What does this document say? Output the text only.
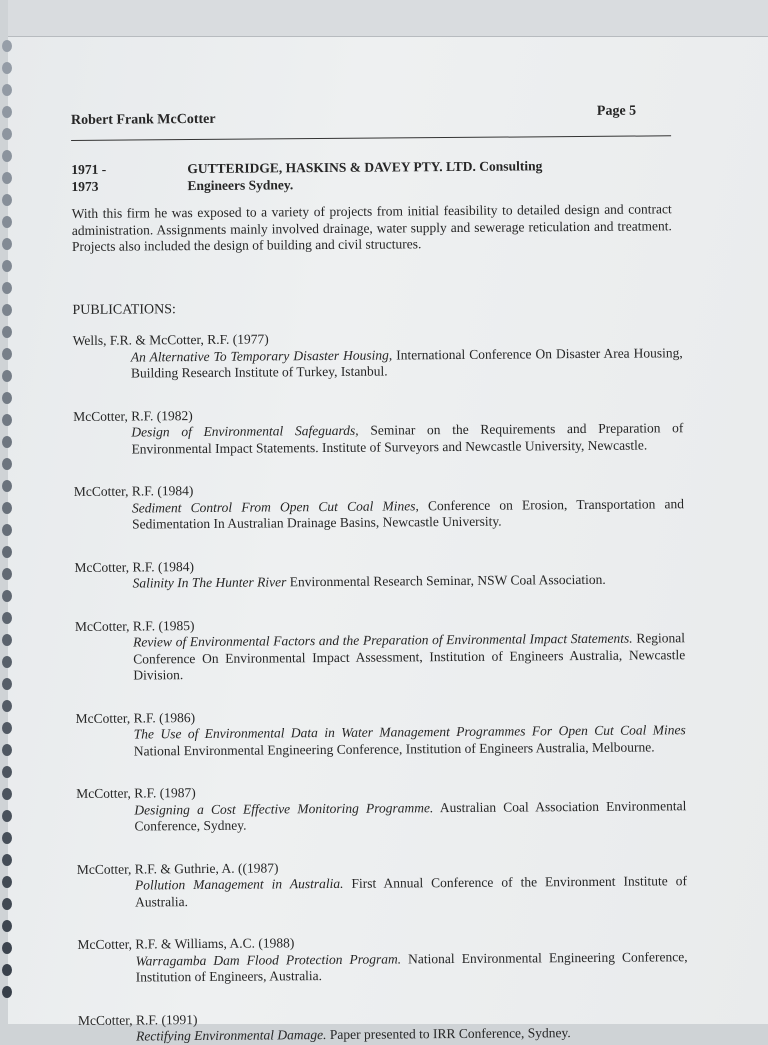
Robert Frank McCotter
Page 5
1971 -
1973
GUTTERIDGE, HASKINS & DAVEY PTY. LTD. Consulting
Engineers Sydney.
With this firm he was exposed to a variety of projects from initial feasibility to detailed design and contract administration. Assignments mainly involved drainage, water supply and sewerage reticulation and treatment. Projects also included the design of building and civil structures.
PUBLICATIONS:
Wells, F.R. & McCotter, R.F. (1977)
An Alternative To Temporary Disaster Housing, International Conference On Disaster Area Housing, Building Research Institute of Turkey, Istanbul.
McCotter, R.F. (1982)
Design of Environmental Safeguards, Seminar on the Requirements and Preparation of Environmental Impact Statements. Institute of Surveyors and Newcastle University, Newcastle.
McCotter, R.F. (1984)
Sediment Control From Open Cut Coal Mines, Conference on Erosion, Transportation and Sedimentation In Australian Drainage Basins, Newcastle University.
McCotter, R.F. (1984)
Salinity In The Hunter River Environmental Research Seminar, NSW Coal Association.
McCotter, R.F. (1985)
Review of Environmental Factors and the Preparation of Environmental Impact Statements. Regional Conference On Environmental Impact Assessment, Institution of Engineers Australia, Newcastle Division.
McCotter, R.F. (1986)
The Use of Environmental Data in Water Management Programmes For Open Cut Coal Mines National Environmental Engineering Conference, Institution of Engineers Australia, Melbourne.
McCotter, R.F. (1987)
Designing a Cost Effective Monitoring Programme. Australian Coal Association Environmental Conference, Sydney.
McCotter, R.F. & Guthrie, A. ((1987)
Pollution Management in Australia. First Annual Conference of the Environment Institute of Australia.
McCotter, R.F. & Williams, A.C. (1988)
Warragamba Dam Flood Protection Program. National Environmental Engineering Conference, Institution of Engineers, Australia.
McCotter, R.F. (1991)
Rectifying Environmental Damage. Paper presented to IRR Conference, Sydney.
